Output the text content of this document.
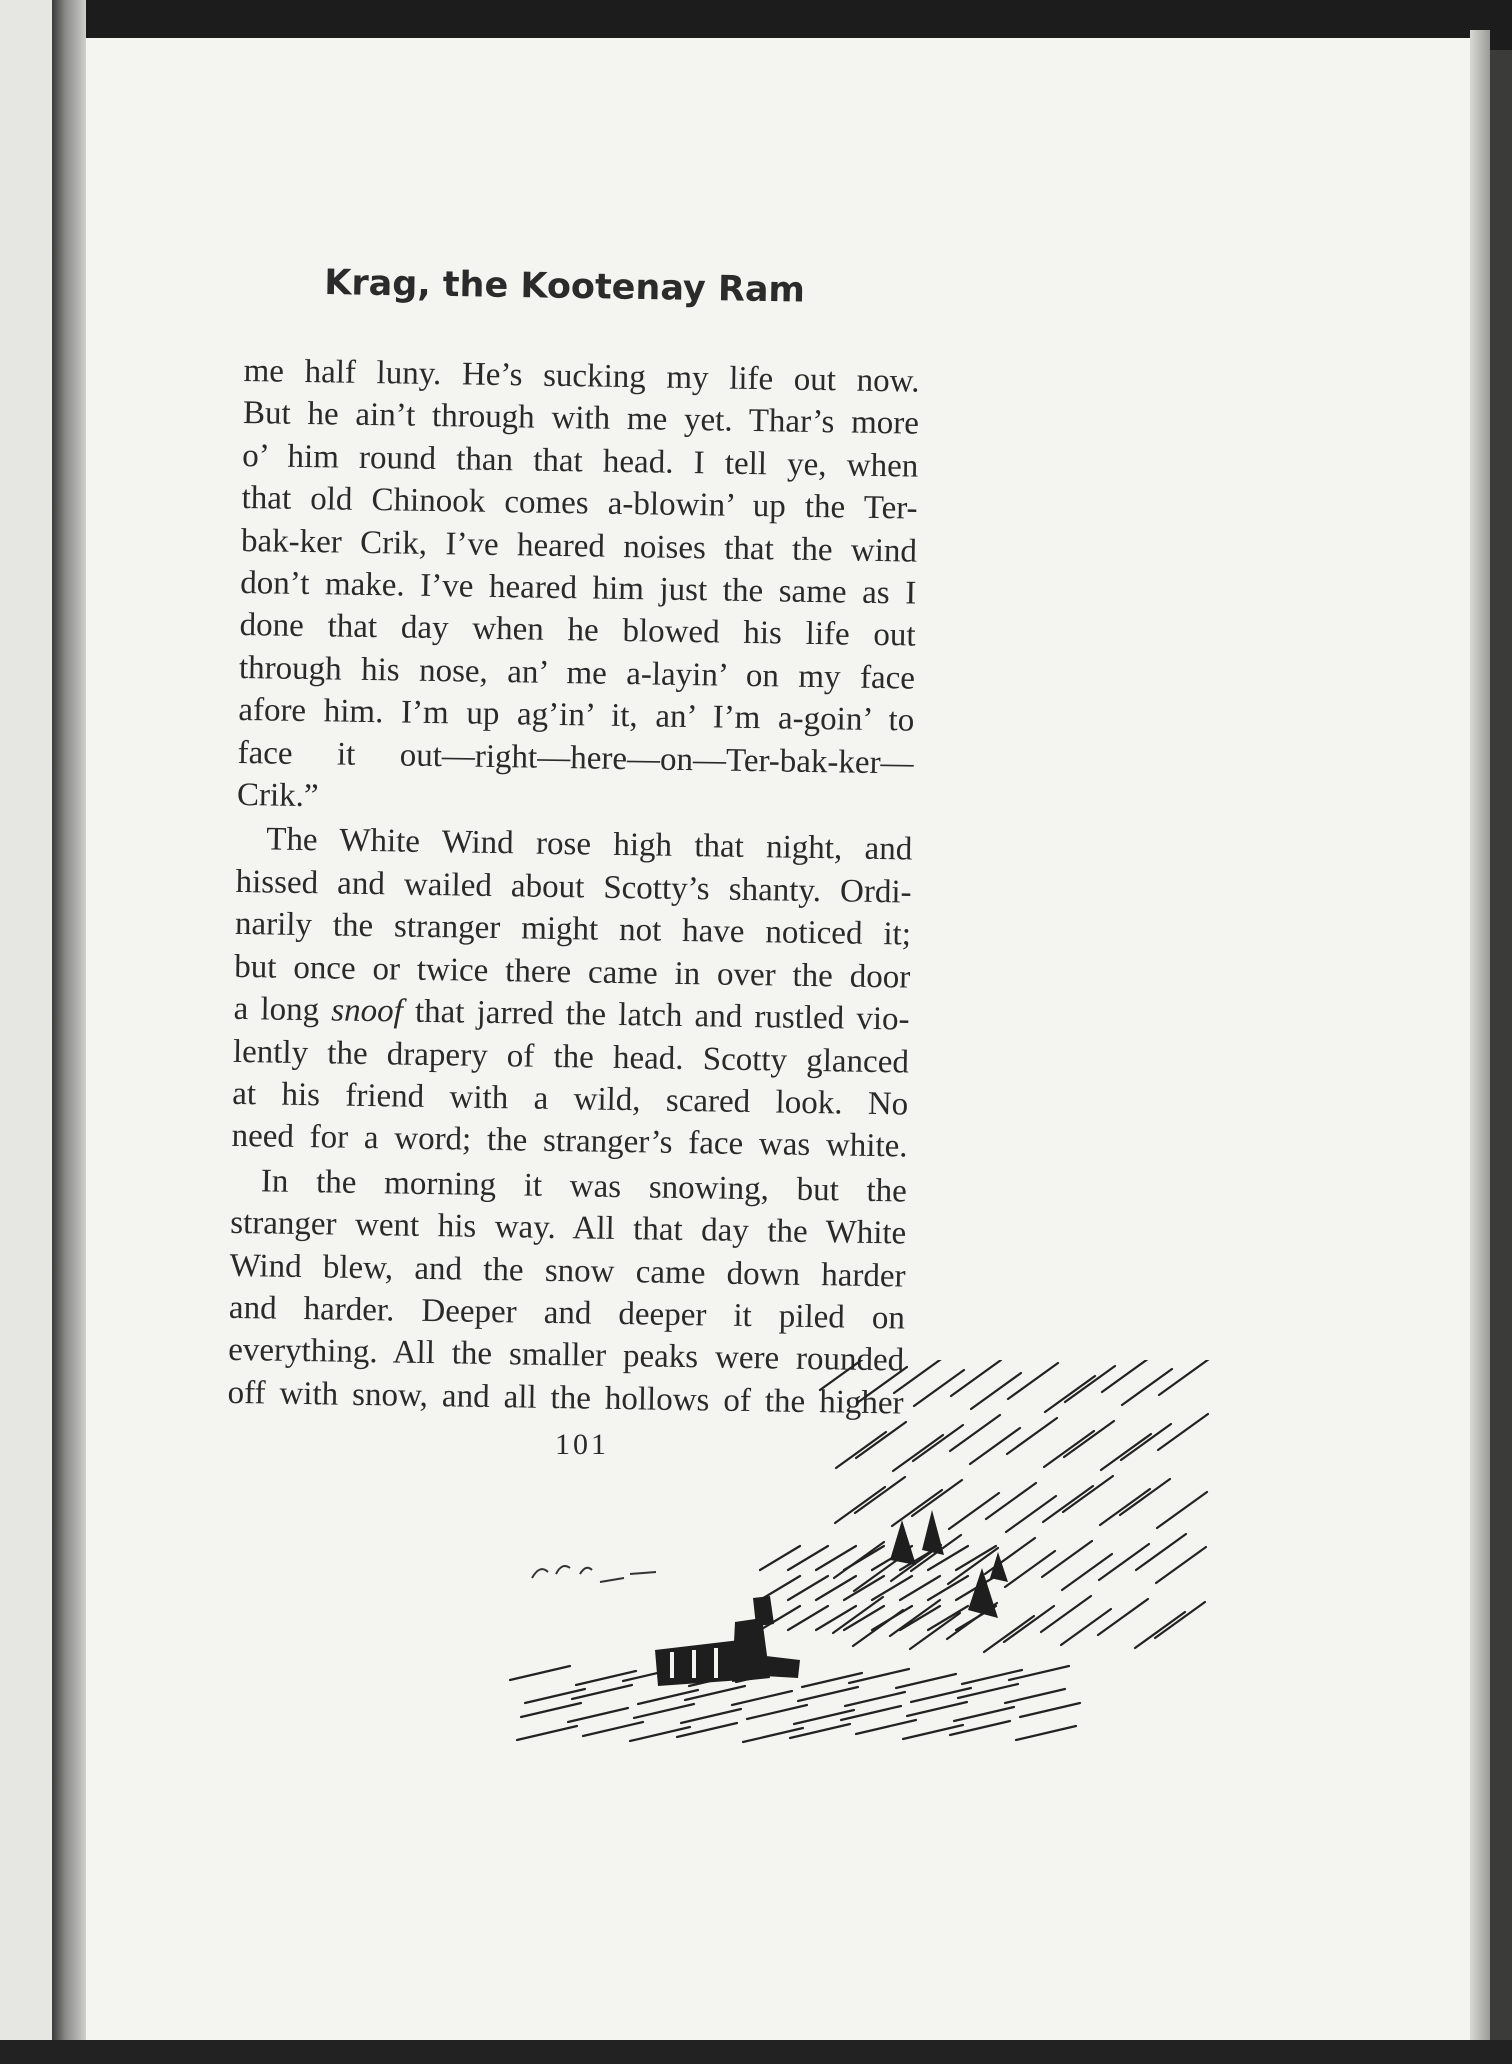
Krag, the Kootenay Ram
me half luny. He’s sucking my life out now.
But he ain’t through with me yet. Thar’s more
o’ him round than that head. I tell ye, when
that old Chinook comes a-blowin’ up the Ter-
bak-ker Crik, I’ve heared noises that the wind
don’t make. I’ve heared him just the same as I
done that day when he blowed his life out
through his nose, an’ me a-layin’ on my face
afore him. I’m up ag’in’ it, an’ I’m a-goin’ to
face it out—right—here—on—Ter-bak-ker—
Crik.”
The White Wind rose high that night, and
hissed and wailed about Scotty’s shanty. Ordi-
narily the stranger might not have noticed it;
but once or twice there came in over the door
a long snoof that jarred the latch and rustled vio-
lently the drapery of the head. Scotty glanced
at his friend with a wild, scared look. No
need for a word; the stranger’s face was white.
In the morning it was snowing, but the
stranger went his way. All that day the White
Wind blew, and the snow came down harder
and harder. Deeper and deeper it piled on
everything. All the smaller peaks were rounded
off with snow, and all the hollows of the higher
101
